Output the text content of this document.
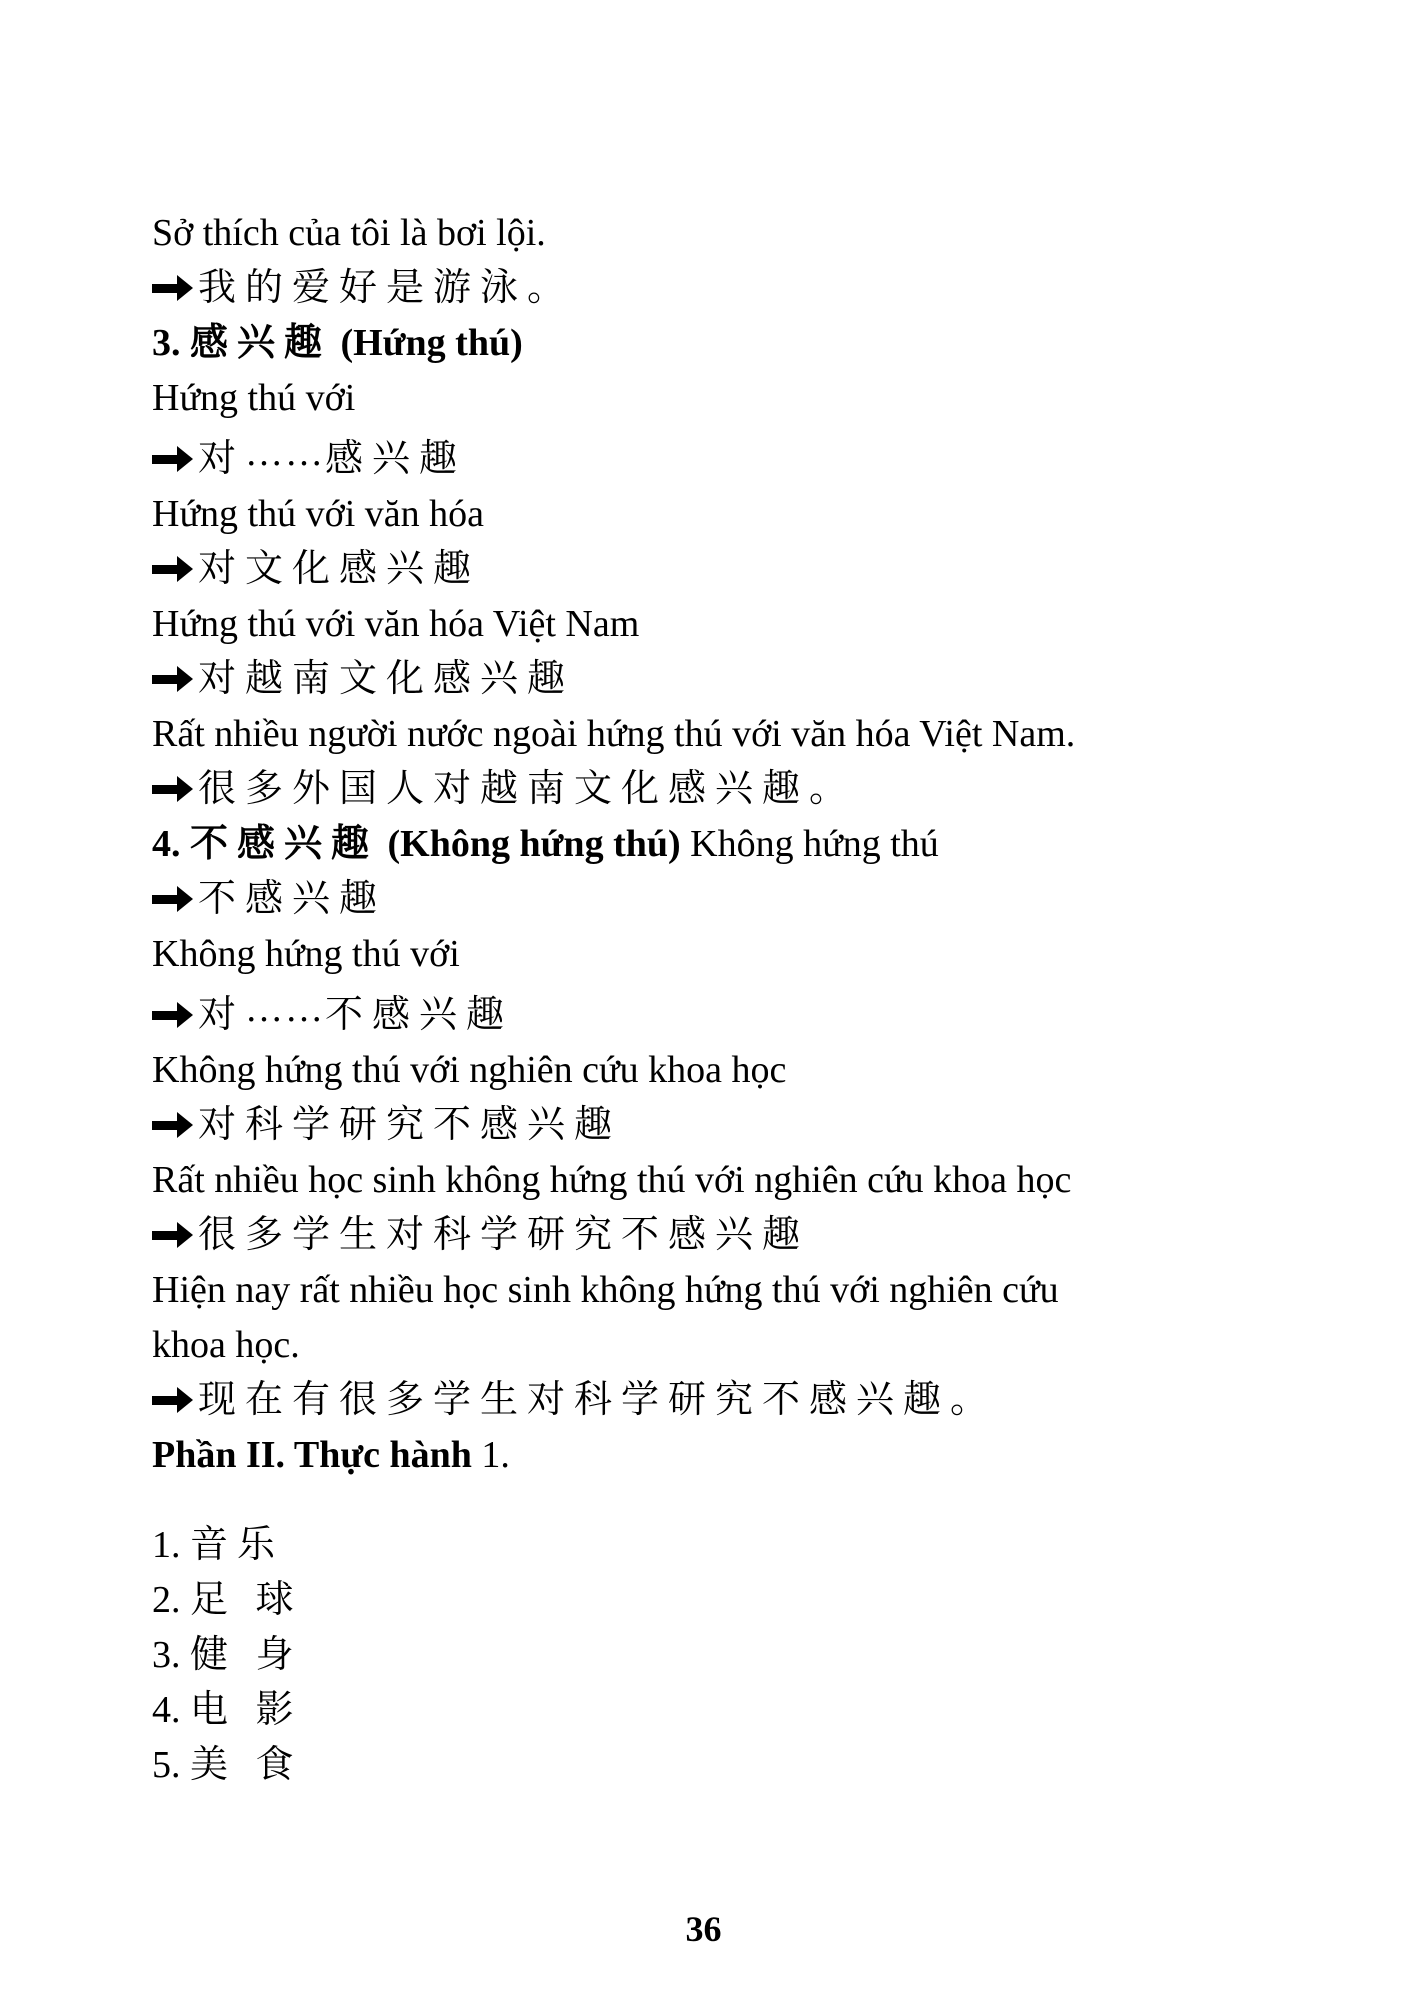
Sở thích của tôi là bơi lội.

我的爱好是游泳。

3. 感兴趣 (Hứng thú)

Hứng thú với

对……感兴趣

Hứng thú với văn hóa

对文化感兴趣

Hứng thú với văn hóa Việt Nam

对越南文化感兴趣

Rất nhiều người nước ngoài hứng thú với văn hóa Việt Nam.

很多外国人对越南文化感兴趣。

4. 不感兴趣 (Không hứng thú) Không hứng thú

不感兴趣

Không hứng thú với

对……不感兴趣

Không hứng thú với nghiên cứu khoa học

对科学研究不感兴趣

Rất nhiều học sinh không hứng thú với nghiên cứu khoa học

很多学生对科学研究不感兴趣

Hiện nay rất nhiều học sinh không hứng thú với nghiên cứu

khoa học.

现在有很多学生对科学研究不感兴趣。

Phần II. Thực hành 1.

1. 音乐

2. 足 球

3. 健 身

4. 电 影

5. 美 食

36
